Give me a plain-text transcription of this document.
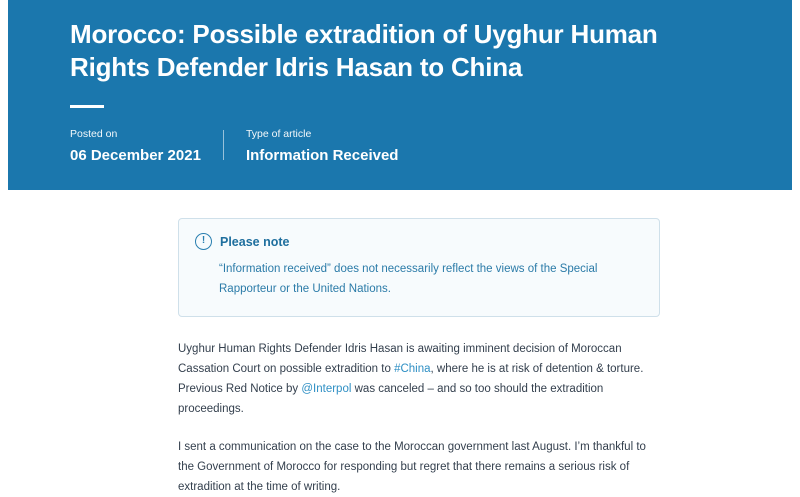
Morocco: Possible extradition of Uyghur Human Rights Defender Idris Hasan to China
Posted on
06 December 2021
Type of article
Information Received
!	Please note

“Information received” does not necessarily reflect the views of the Special Rapporteur or the United Nations.

Uyghur Human Rights Defender Idris Hasan is awaiting imminent decision of Moroccan Cassation Court on possible extradition to #China, where he is at risk of detention & torture. Previous Red Notice by @Interpol was canceled – and so too should the extradition proceedings.

I sent a communication on the case to the Moroccan government last August. I’m thankful to the Government of Morocco for responding but regret that there remains a serious risk of extradition at the time of writing.
